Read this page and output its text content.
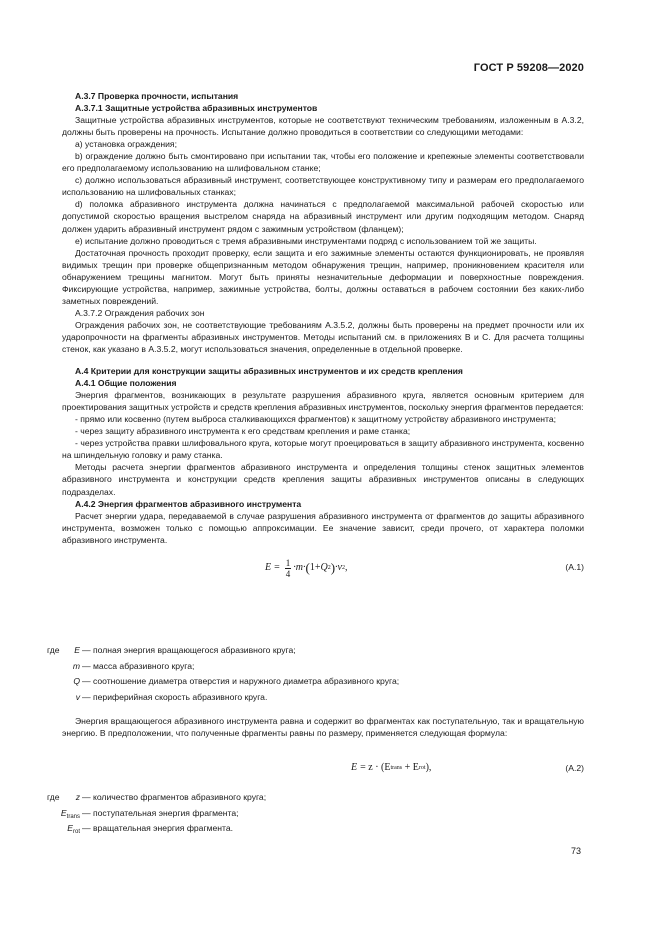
ГОСТ Р 59208—2020

А.3.7 Проверка прочности, испытания

А.3.7.1 Защитные устройства абразивных инструментов

Защитные устройства абразивных инструментов, которые не соответствуют техническим требованиям, изложенным в А.3.2, должны быть проверены на прочность. Испытание должно проводиться в соответствии со следующими методами:

a) установка ограждения;

b) ограждение должно быть смонтировано при испытании так, чтобы его положение и крепежные элементы соответствовали его предполагаемому использованию на шлифовальном станке;

c) должно использоваться абразивный инструмент, соответствующее конструктивному типу и размерам его предполагаемого использованию на шлифовальных станках;

d) поломка абразивного инструмента должна начинаться с предполагаемой максимальной рабочей скоростью или допустимой скоростью вращения выстрелом снаряда на абразивный инструмент или другим подходящим методом. Снаряд должен ударить абразивный инструмент рядом с зажимным устройством (фланцем);

e) испытание должно проводиться с тремя абразивными инструментами подряд с использованием той же защиты.

Достаточная прочность проходит проверку, если защита и его зажимные элементы остаются функционировать, не проявляя видимых трещин при проверке общепризнанным методом обнаружения трещин, например, проникновением красителя или обнаружением трещины магнитом. Могут быть приняты незначительные деформации и поверхностные повреждения. Фиксирующие устройства, например, зажимные устройства, болты, должны оставаться в рабочем состоянии без каких-либо заметных повреждений.

А.3.7.2 Ограждения рабочих зон

Ограждения рабочих зон, не соответствующие требованиям А.3.5.2, должны быть проверены на предмет прочности или их ударопрочности на фрагменты абразивных инструментов. Методы испытаний см. в приложениях В и С. Для расчета толщины стенок, как указано в А.3.5.2, могут использоваться значения, определенные в отдельной проверке.

А.4 Критерии для конструкции защиты абразивных инструментов и их средств крепления

А.4.1 Общие положения

Энергия фрагментов, возникающих в результате разрушения абразивного круга, является основным критерием для проектирования защитных устройств и средств крепления абразивных инструментов, поскольку энергия фрагментов передается:

- прямо или косвенно (путем выброса сталкивающихся фрагментов) к защитному устройству абразивного инструмента;

- через защиту абразивного инструмента к его средствам крепления и раме станка;

- через устройства правки шлифовального круга, которые могут проецироваться в защиту абразивного инструмента, косвенно на шпиндельную головку и раму станка.

Методы расчета энергии фрагментов абразивного инструмента и определения толщины стенок защитных элементов абразивного инструмента и конструкции средств крепления защиты абразивных инструментов описаны в следующих подразделах.

А.4.2 Энергия фрагментов абразивного инструмента

Расчет энергии удара, передаваемой в случае разрушения абразивного инструмента от фрагментов до защиты абразивного инструмента, возможен только с помощью аппроксимации. Ее значение зависит, среди прочего, от характера поломки абразивного инструмента.

$E = \frac{1}{4} \cdot m\cdot$ ( 1+ Q 2 ) ·v 2 ,	(А.1)
где E — полная энергия вращающегося абразивного круга;
m — масса абразивного круга;
Q — соотношение диаметра отверстия и наружного диаметра абразивного круга;
v — периферийная скорость абразивного круга.
Энергия вращающегося абразивного инструмента равна и содержит во фрагментах как поступательную, так и вращательную энергию. В предположении, что полученные фрагменты равны по размеру, применяется следующая формула:
E = z · (E trans + E rot ),	(А.2)
где z — количество фрагментов абразивного круга;
$E_{trans}$ — поступательная энергия фрагмента;
$E_{rot}$ — вращательная энергия фрагмента.
73
